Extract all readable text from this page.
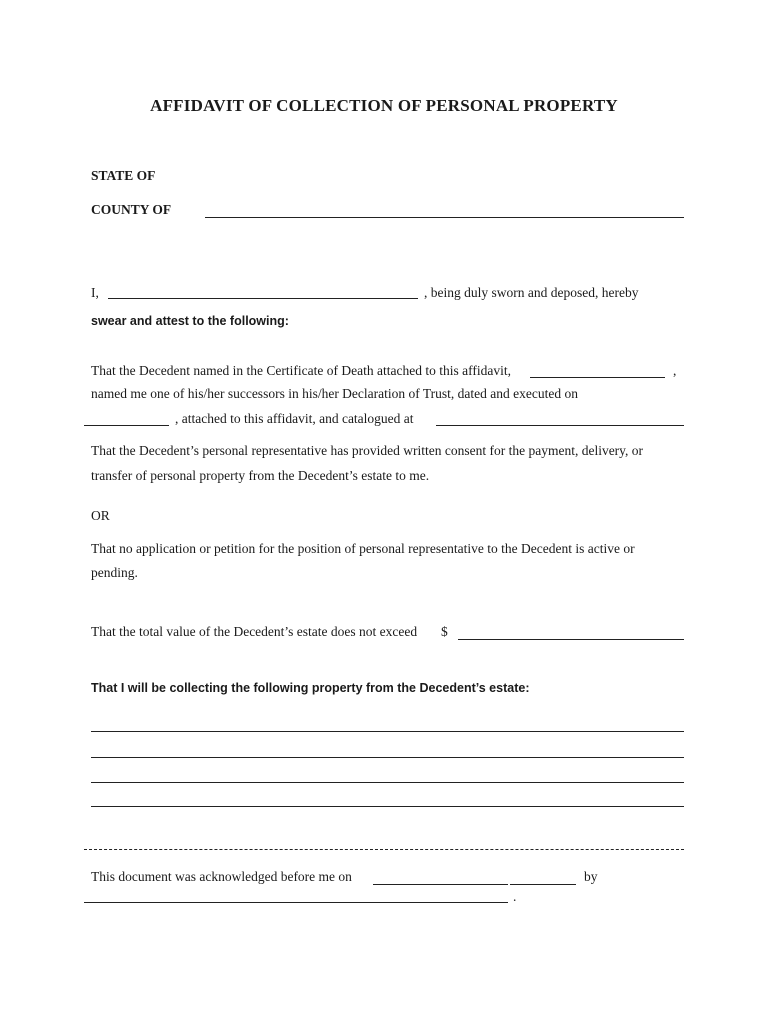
AFFIDAVIT OF COLLECTION OF PERSONAL PROPERTY
STATE OF
COUNTY OF
I,	, being duly sworn and deposed, hereby
swear and attest to the following:
That the Decedent named in the Certificate of Death attached to this affidavit,	,
named me one of his/her successors in his/her Declaration of Trust, dated and executed on
, attached to this affidavit, and catalogued at
That the Decedent’s personal representative has provided written consent for the payment, delivery, or
transfer of personal property from the Decedent’s estate to me.
OR
That no application or petition for the position of personal representative to the Decedent is active or
pending.
That the total value of the Decedent’s estate does not exceed $
That I will be collecting the following property from the Decedent’s estate:
This document was acknowledged before me on	by
.
